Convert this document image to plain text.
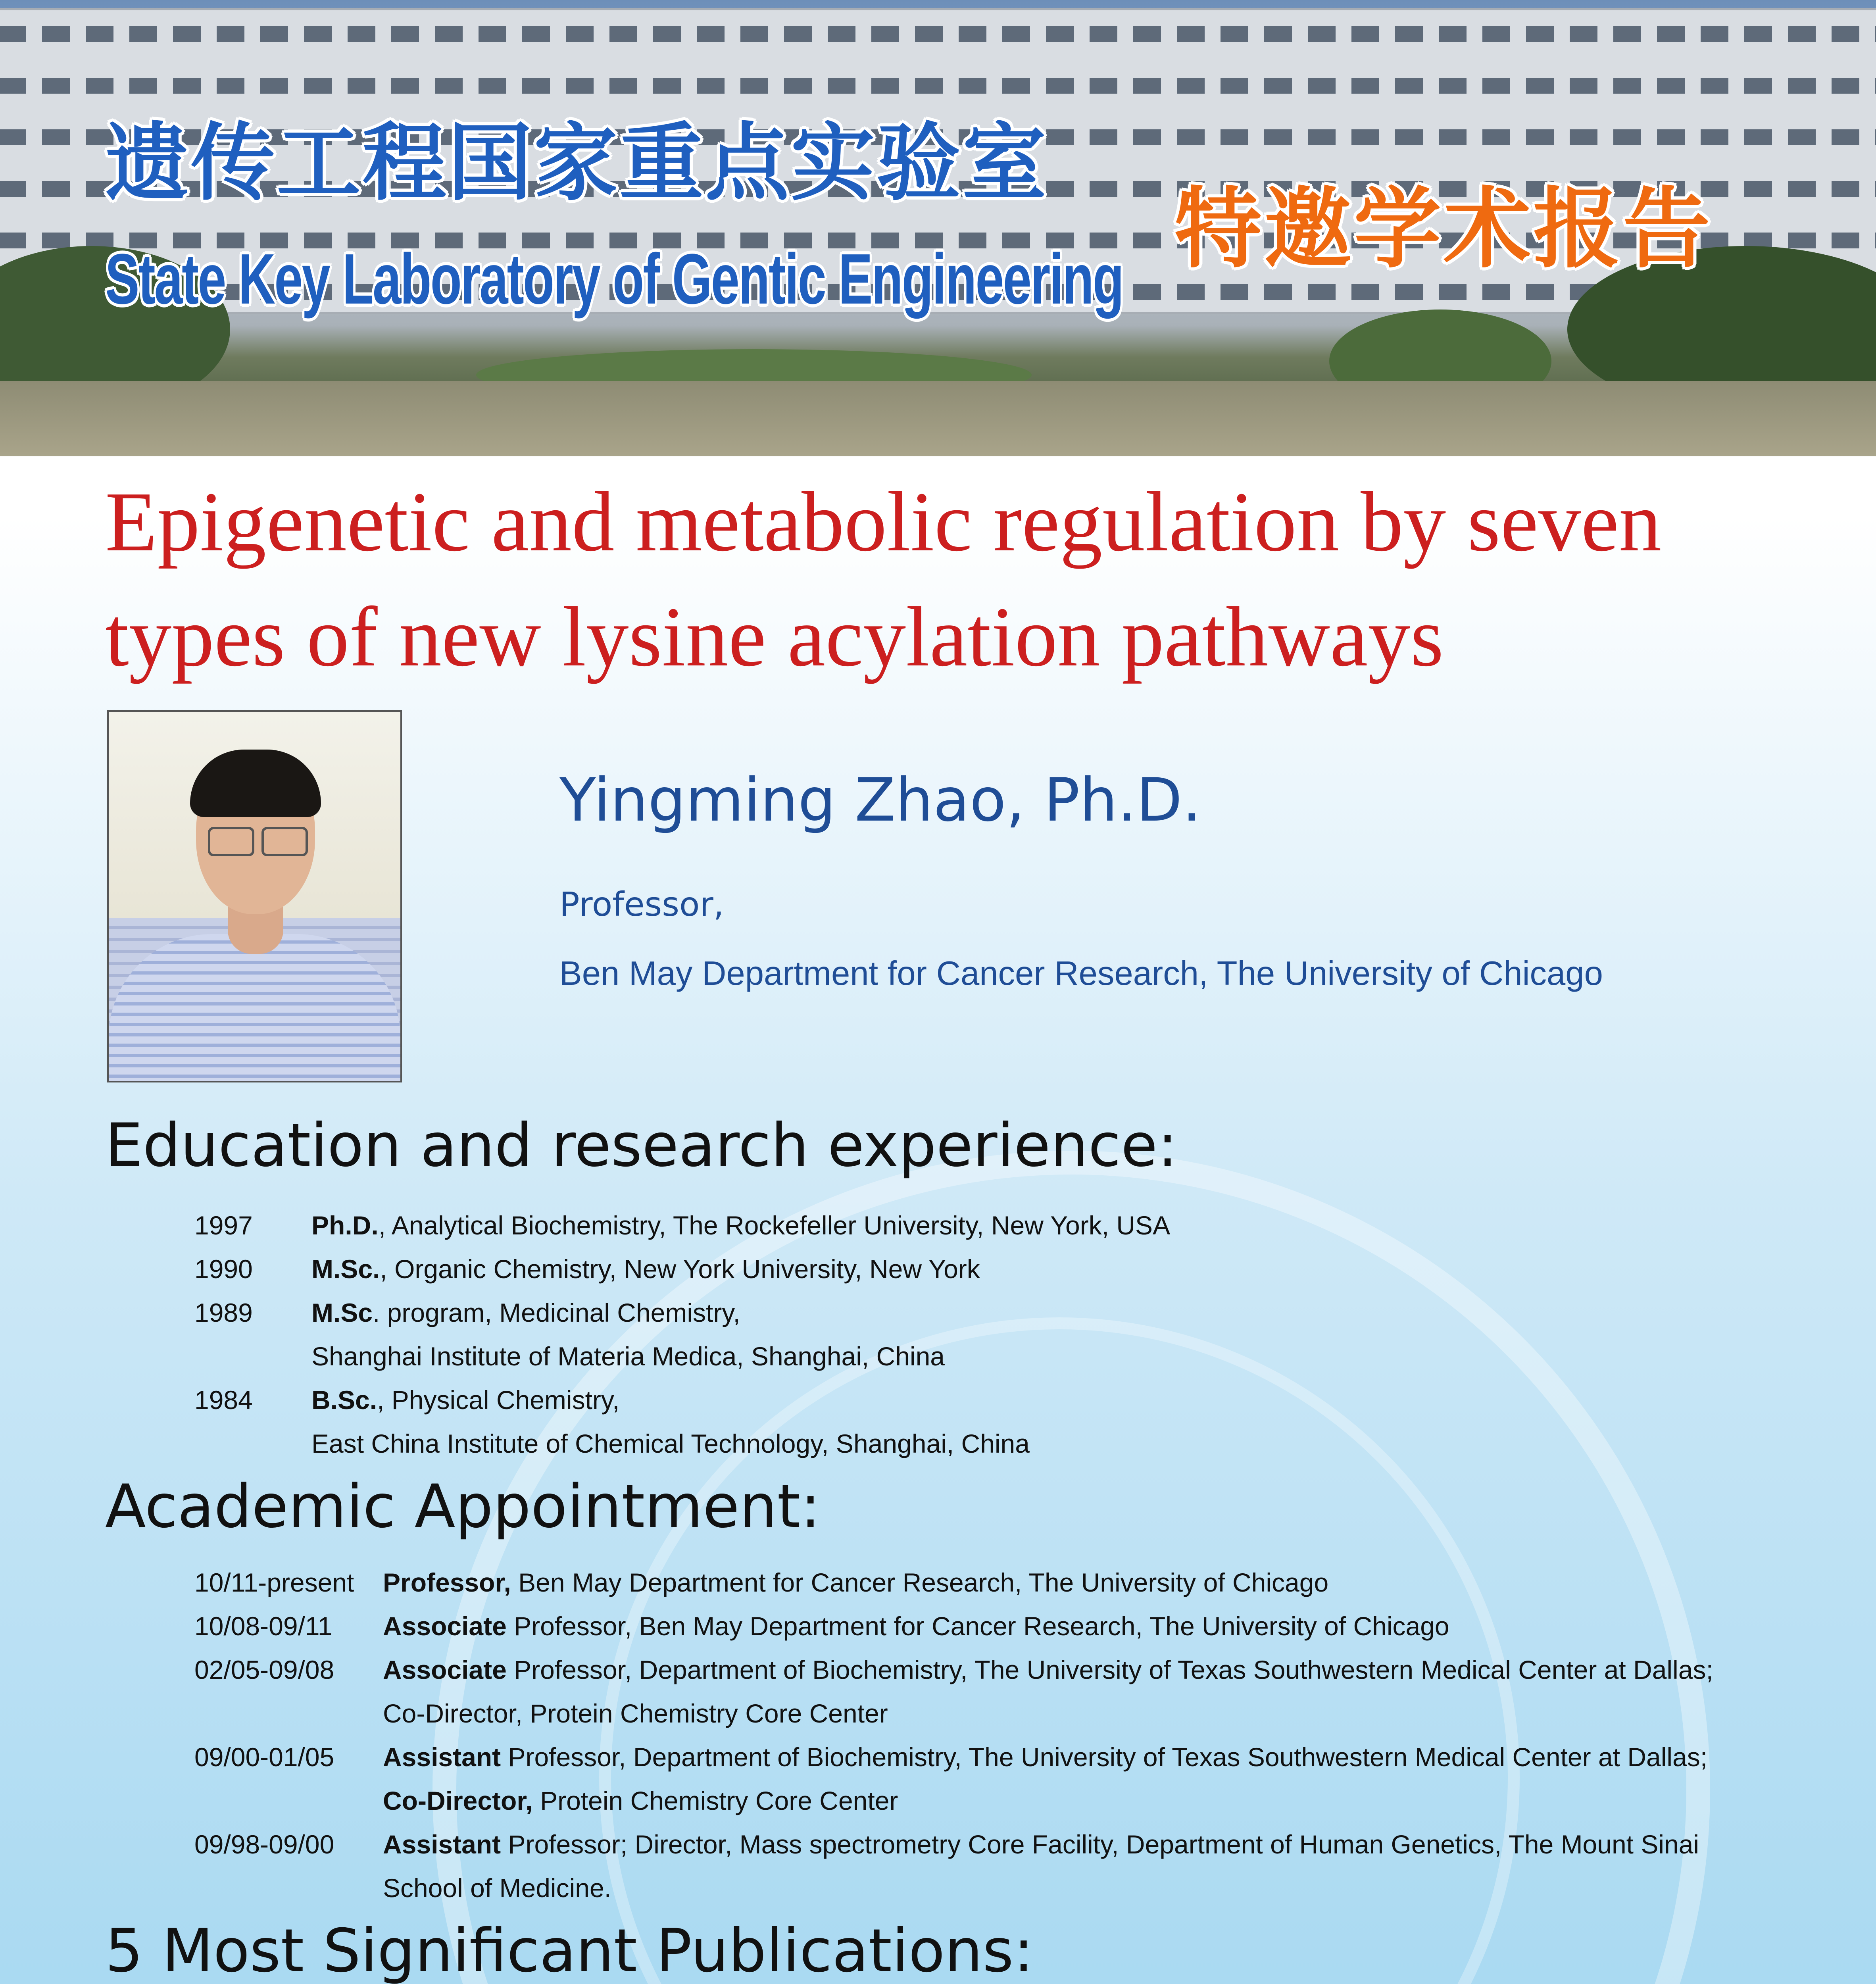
遗传工程国家重点实验室
State Key Laboratory of Gentic Engineering 特邀学术报告
Epigenetic and metabolic regulation by seven
types of new lysine acylation pathways
Yingming Zhao, Ph.D.
Professor,
Ben May Department for Cancer Research, The University of Chicago
Education and research experience:
1997 Ph.D., Analytical Biochemistry, The Rockefeller University, New York, USA
1990 M.Sc., Organic Chemistry, New York University, New York
1989 M.Sc. program, Medicinal Chemistry,
Shanghai Institute of Materia Medica, Shanghai, China
1984 B.Sc., Physical Chemistry,
East China Institute of Chemical Technology, Shanghai, China
Academic Appointment:
10/11-present Professor, Ben May Department for Cancer Research, The University of Chicago
10/08-09/11 Associate Professor, Ben May Department for Cancer Research, The University of Chicago
02/05-09/08 Associate Professor, Department of Biochemistry, The University of Texas Southwestern Medical Center at Dallas;
Co-Director, Protein Chemistry Core Center
09/00-01/05 Assistant Professor, Department of Biochemistry, The University of Texas Southwestern Medical Center at Dallas;
Co-Director, Protein Chemistry Core Center
09/98-09/00 Assistant Professor; Director, Mass spectrometry Core Facility, Department of Human Genetics, The Mount Sinai
School of Medicine.
5 Most Significant Publications:
